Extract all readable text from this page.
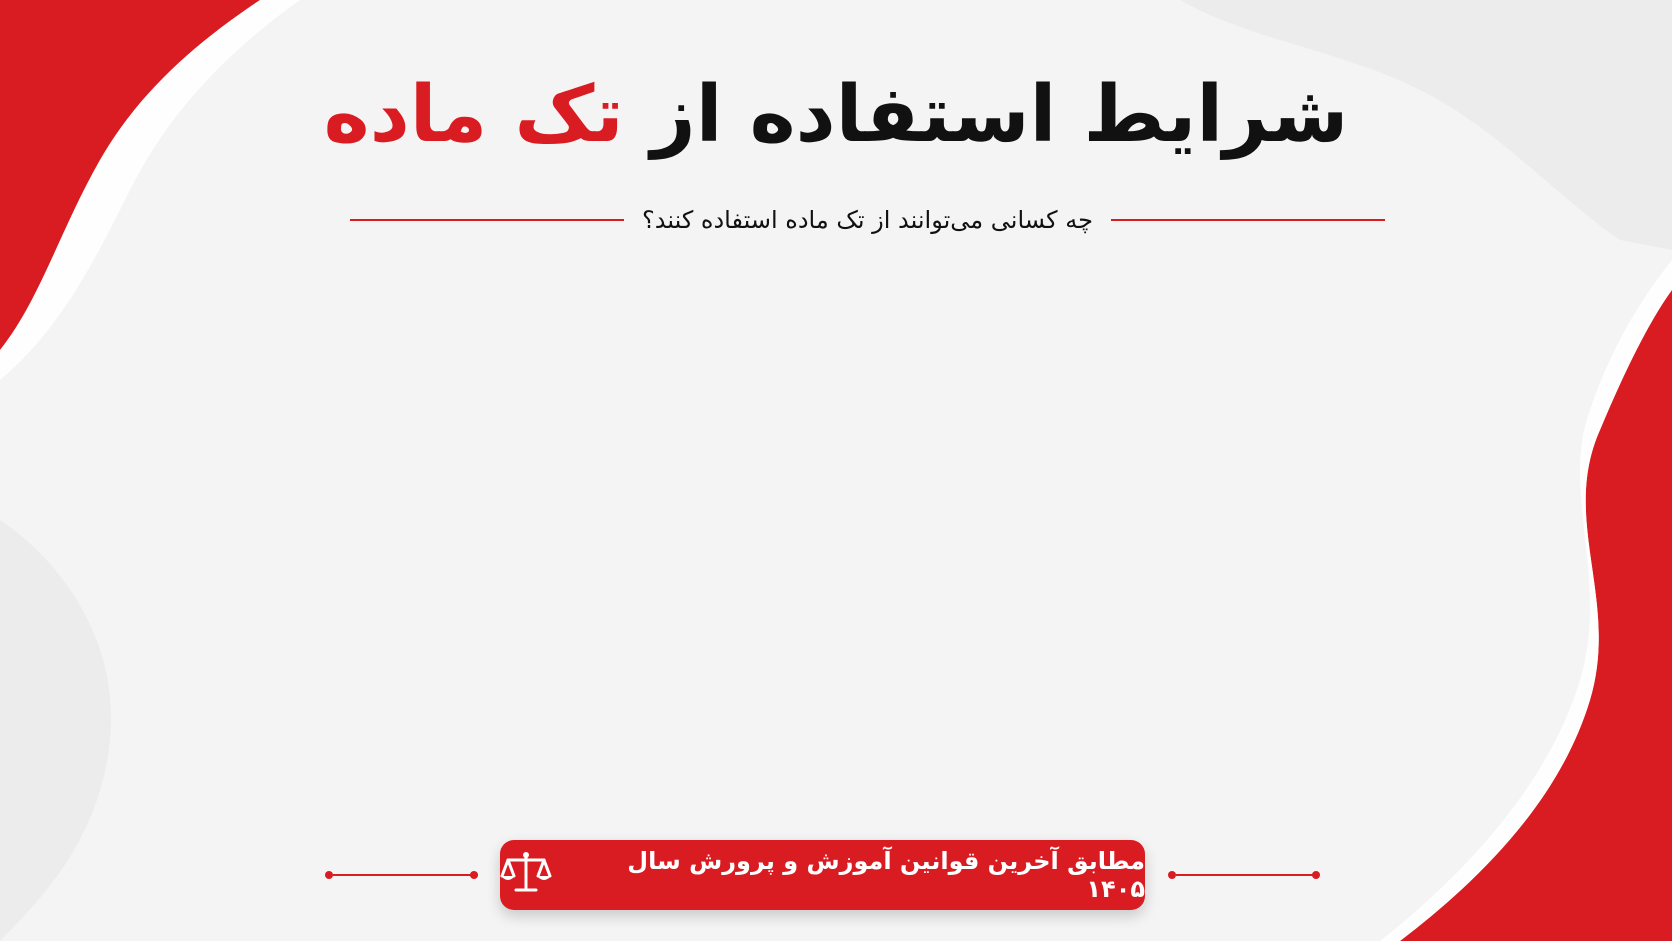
شرایط استفاده از تک ماده
چه کسانی می‌توانند از تک ماده استفاده کنند؟
مطابق آخرین قوانین آموزش و پرورش سال ۱۴۰۵
